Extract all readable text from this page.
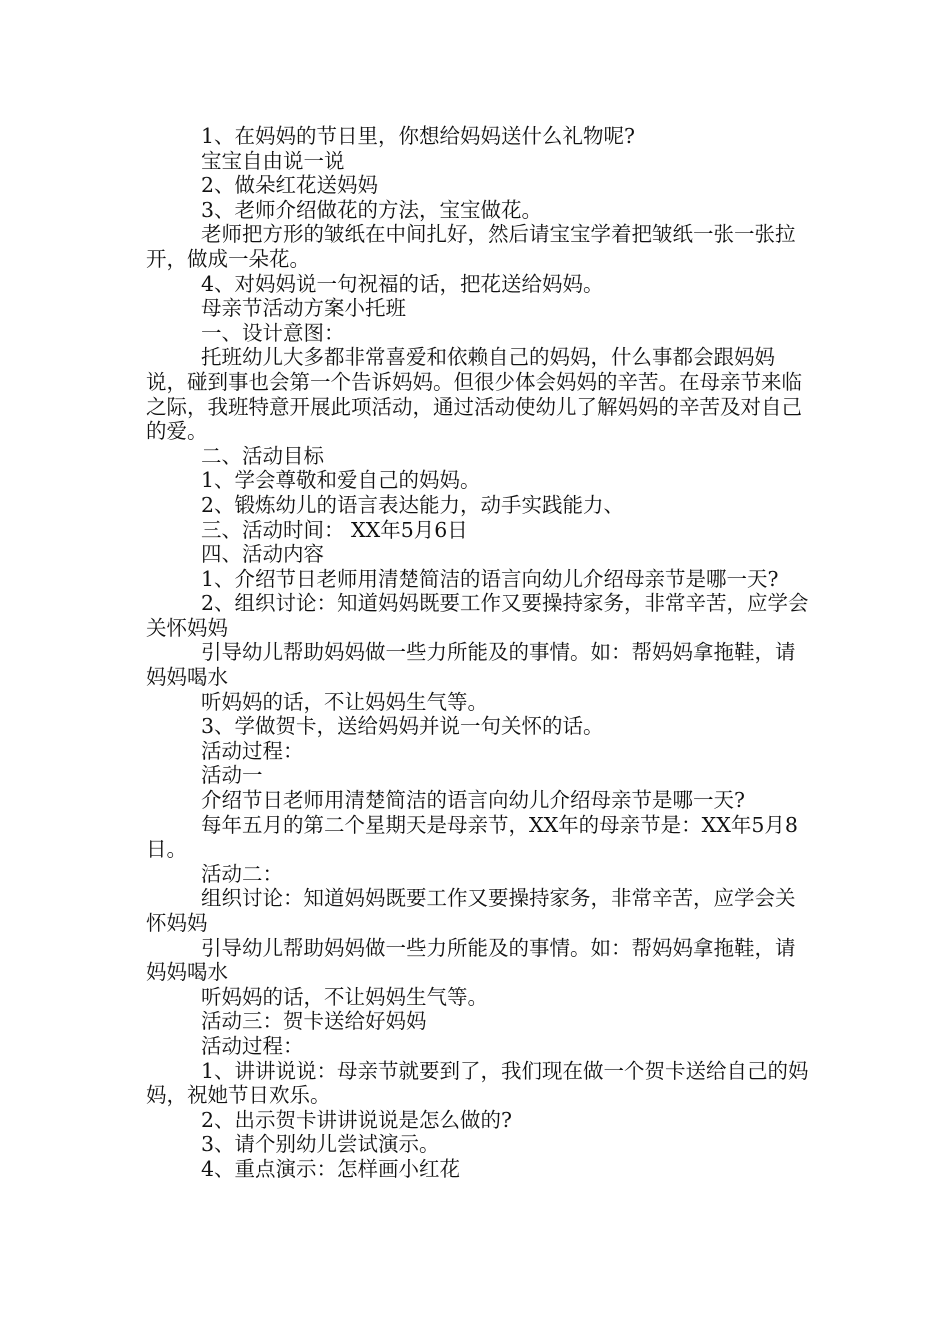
1、在妈妈的节日里，你想给妈妈送什么礼物呢?

宝宝自由说一说

2、做朵红花送妈妈

3、老师介绍做花的方法，宝宝做花。

老师把方形的皱纸在中间扎好，然后请宝宝学着把皱纸一张一张拉开，做成一朵花。

4、对妈妈说一句祝福的话，把花送给妈妈。

母亲节活动方案小托班

一、设计意图：

托班幼儿大多都非常喜爱和依赖自己的妈妈，什么事都会跟妈妈说，碰到事也会第一个告诉妈妈。但很少体会妈妈的辛苦。在母亲节来临之际，我班特意开展此项活动，通过活动使幼儿了解妈妈的辛苦及对自己的爱。

二、活动目标

1、学会尊敬和爱自己的妈妈。

2、锻炼幼儿的语言表达能力，动手实践能力、

三、活动时间： XX年5月6日

四、活动内容

1、介绍节日老师用清楚简洁的语言向幼儿介绍母亲节是哪一天?

2、组织讨论：知道妈妈既要工作又要操持家务，非常辛苦，应学会关怀妈妈

引导幼儿帮助妈妈做一些力所能及的事情。如：帮妈妈拿拖鞋，请妈妈喝水

听妈妈的话，不让妈妈生气等。

3、学做贺卡，送给妈妈并说一句关怀的话。

活动过程：

活动一

介绍节日老师用清楚简洁的语言向幼儿介绍母亲节是哪一天?

每年五月的第二个星期天是母亲节，XX年的母亲节是：XX年5月8日。

活动二：

组织讨论：知道妈妈既要工作又要操持家务，非常辛苦，应学会关怀妈妈

引导幼儿帮助妈妈做一些力所能及的事情。如：帮妈妈拿拖鞋，请妈妈喝水

听妈妈的话，不让妈妈生气等。

活动三：贺卡送给好妈妈

活动过程：

1、讲讲说说：母亲节就要到了，我们现在做一个贺卡送给自己的妈妈，祝她节日欢乐。

2、出示贺卡讲讲说说是怎么做的?

3、请个别幼儿尝试演示。

4、重点演示：怎样画小红花
